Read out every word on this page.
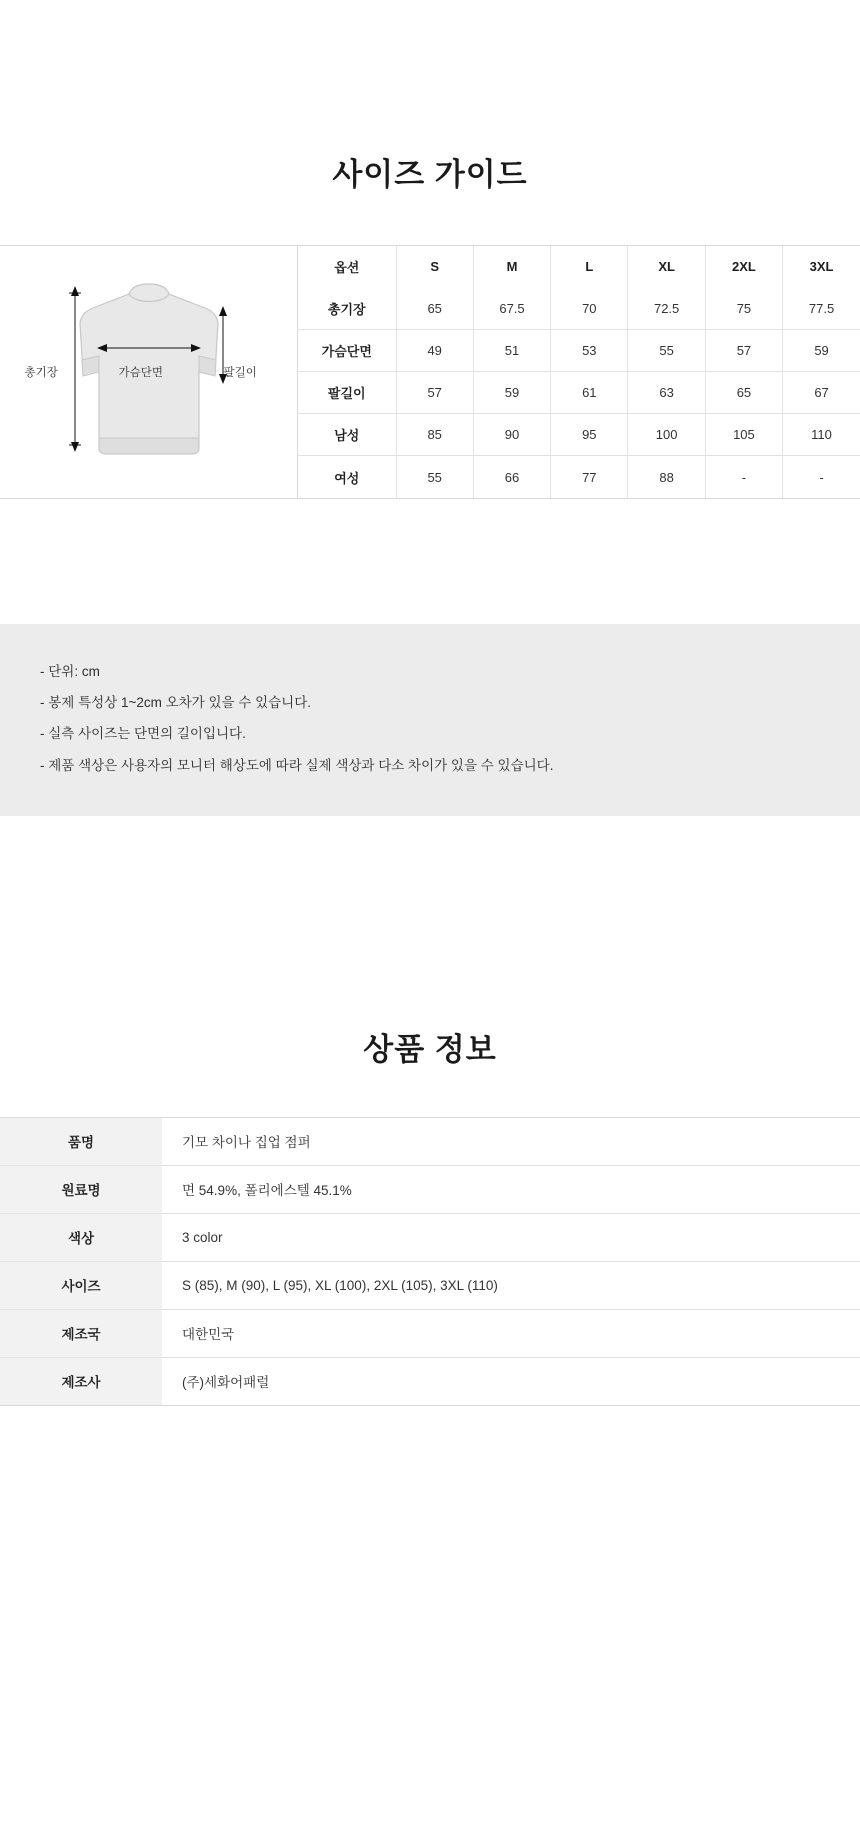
사이즈 가이드
총기장	가슴단면	팔길이
옵션	S	M	L	XL	2XL	3XL
총기장	65	67.5	70	72.5	75	77.5
가슴단면	49	51	53	55	57	59
팔길이	57	59	61	63	65	67
남성	85	90	95	100	105	110
여성	55	66	77	88	-	-

- 단위: cm

- 봉제 특성상 1~2cm 오차가 있을 수 있습니다.

- 실측 사이즈는 단면의 길이입니다.

- 제품 색상은 사용자의 모니터 해상도에 따라 실제 색상과 다소 차이가 있을 수 있습니다.

상품 정보
품명	기모 차이나 집업 점퍼
원료명	면 54.9%, 폴리에스텔 45.1%
색상	3 color
사이즈	S (85), M (90), L (95), XL (100), 2XL (105), 3XL (110)
제조국	대한민국
제조사	(주)세화어패럴
